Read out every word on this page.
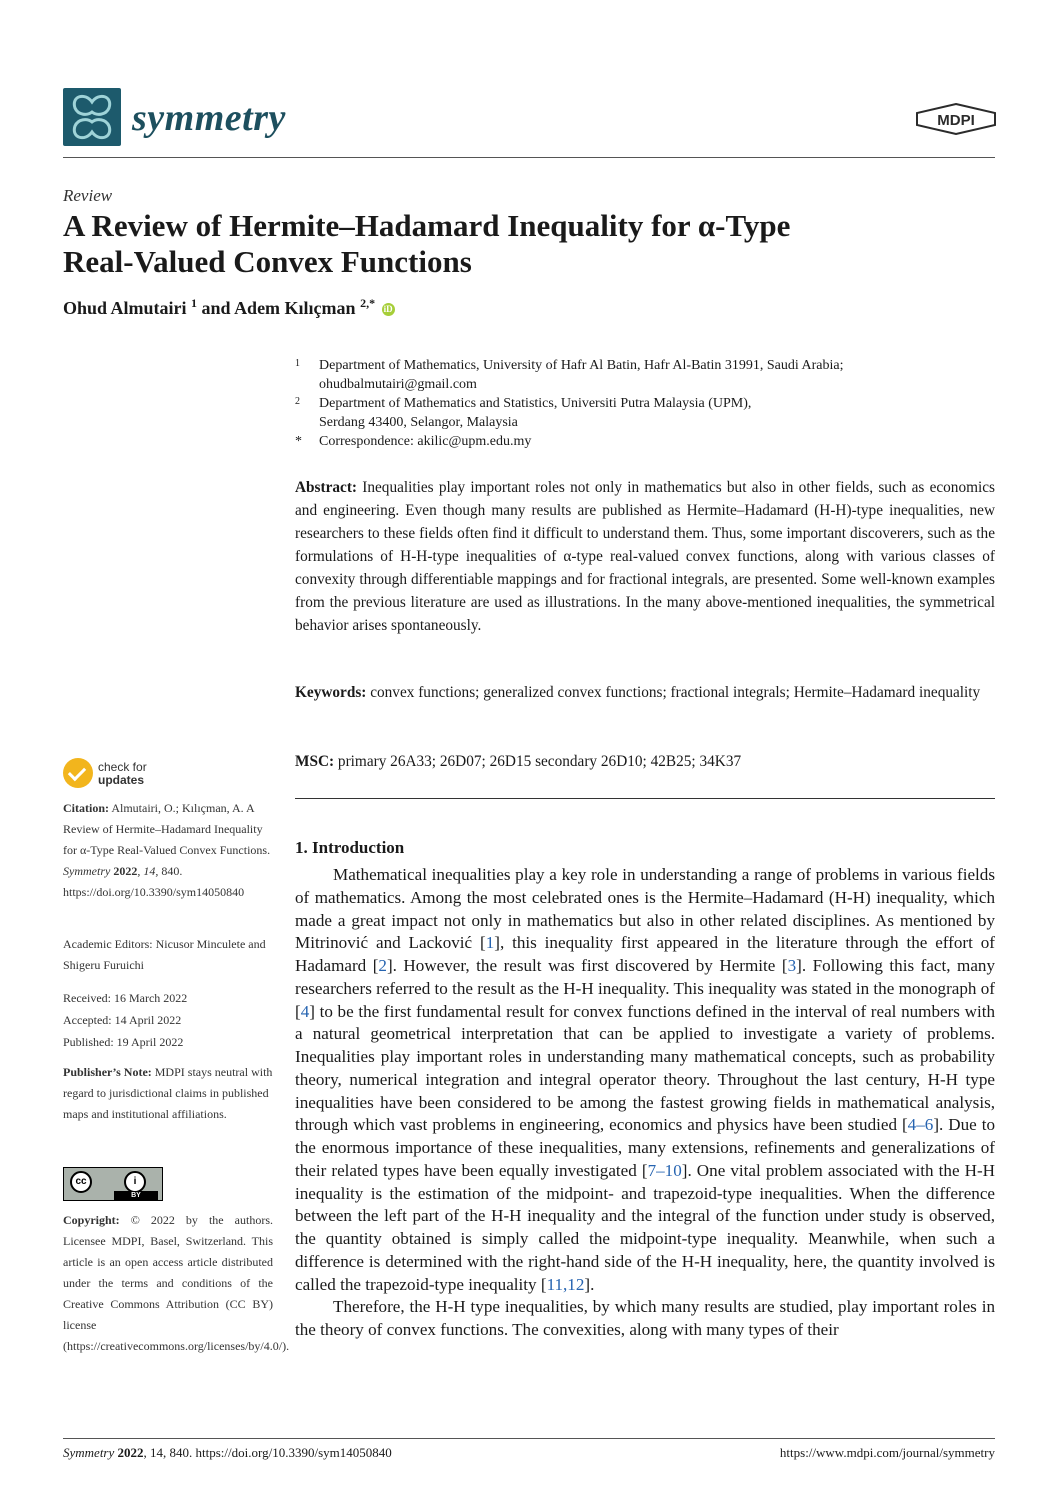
symmetry	MDPI
Review
A Review of Hermite–Hadamard Inequality for α-Type
Real-Valued Convex Functions
Ohud Almutairi $^1$ and Adem Kılıçman $^{2,*}$ iD
1 Department of Mathematics, University of Hafr Al Batin, Hafr Al-Batin 31991, Saudi Arabia;
ohudbalmutairi@gmail.com
2 Department of Mathematics and Statistics, Universiti Putra Malaysia (UPM),
Serdang 43400, Selangor, Malaysia
* Correspondence: akilic@upm.edu.my
Abstract: Inequalities play important roles not only in mathematics but also in other fields, such as economics and engineering. Even though many results are published as Hermite–Hadamard (H-H)-type inequalities, new researchers to these fields often find it difficult to understand them. Thus, some important discoverers, such as the formulations of H-H-type inequalities of α-type real-valued convex functions, along with various classes of convexity through differentiable mappings and for fractional integrals, are presented. Some well-known examples from the previous literature are used as illustrations. In the many above-mentioned inequalities, the symmetrical behavior arises spontaneously.
Keywords: convex functions; generalized convex functions; fractional integrals; Hermite–Hadamard inequality
MSC: primary 26A33; 26D07; 26D15 secondary 26D10; 42B25; 34K37
check for
updates
Citation: Almutairi, O.; Kılıçman, A. A Review of Hermite–Hadamard Inequality for α-Type Real-Valued Convex Functions. Symmetry 2022, 14, 840. https://doi.org/10.3390/sym14050840
Academic Editors: Nicusor Minculete and Shigeru Furuichi
Received: 16 March 2022
Accepted: 14 April 2022
Published: 19 April 2022
Publisher’s Note: MDPI stays neutral with regard to jurisdictional claims in published maps and institutional affiliations.
cc	i
BY
Copyright: © 2022 by the authors. Licensee MDPI, Basel, Switzerland. This article is an open access article distributed under the terms and conditions of the Creative Commons Attribution (CC BY) license (https://creativecommons.org/licenses/by/4.0/).
1. Introduction

Mathematical inequalities play a key role in understanding a range of problems in various fields of mathematics. Among the most celebrated ones is the Hermite–Hadamard (H-H) inequality, which made a great impact not only in mathematics but also in other related disciplines. As mentioned by Mitrinović and Lacković [1], this inequality first appeared in the literature through the effort of Hadamard [2]. However, the result was first discovered by Hermite [3]. Following this fact, many researchers referred to the result as the H-H inequality. This inequality was stated in the monograph of [4] to be the first fundamental result for convex functions defined in the interval of real numbers with a natural geometrical interpretation that can be applied to investigate a variety of problems. Inequalities play important roles in understanding many mathematical concepts, such as probability theory, numerical integration and integral operator theory. Throughout the last century, H-H type inequalities have been considered to be among the fastest growing fields in mathematical analysis, through which vast problems in engineering, economics and physics have been studied [4–6]. Due to the enormous importance of these inequalities, many extensions, refinements and generalizations of their related types have been equally investigated [7–10]. One vital problem associated with the H-H inequality is the estimation of the midpoint- and trapezoid-type inequalities. When the difference between the left part of the H-H inequality and the integral of the function under study is observed, the quantity obtained is simply called the midpoint-type inequality. Meanwhile, when such a difference is determined with the right-hand side of the H-H inequality, here, the quantity involved is called the trapezoid-type inequality [11,12].

Therefore, the H-H type inequalities, by which many results are studied, play important roles in the theory of convex functions. The convexities, along with many types of their

Symmetry 2022, 14, 840. https://doi.org/10.3390/sym14050840	https://www.mdpi.com/journal/symmetry
